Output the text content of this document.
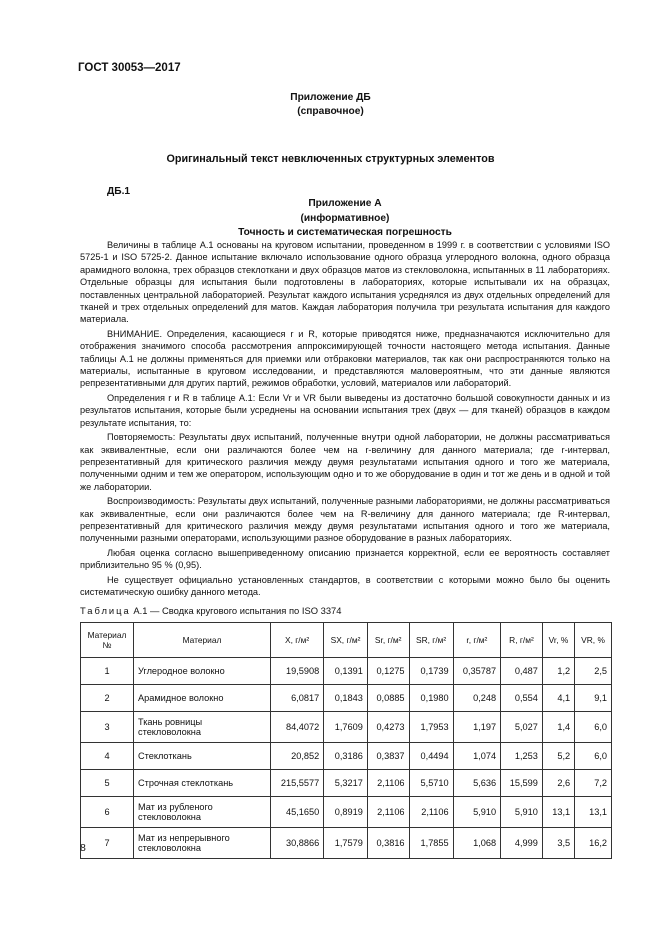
ГОСТ 30053—2017
Приложение ДБ
(справочное)
Оригинальный текст невключенных структурных элементов
ДБ.1
Приложение А
(информативное)
Точность и систематическая погрешность

Величины в таблице А.1 основаны на круговом испытании, проведенном в 1999 г. в соответствии с условиями ISO 5725-1 и ISO 5725-2. Данное испытание включало использование одного образца углеродного волокна, одного образца арамидного волокна, трех образцов стеклоткани и двух образцов матов из стекловолокна, испытанных в 11 лабораториях. Отдельные образцы для испытания были подготовлены в лабораториях, которые испытывали их на образцах, поставленных центральной лабораторией. Результат каждого испытания усреднялся из двух отдельных определений для тканей и трех отдельных определений для матов. Каждая лаборатория получила три результата испытания для каждого материала.

ВНИМАНИЕ. Определения, касающиеся r и R, которые приводятся ниже, предназначаются исключительно для отображения значимого способа рассмотрения аппроксимирующей точности настоящего метода испытания. Данные таблицы А.1 не должны применяться для приемки или отбраковки материалов, так как они распространяются только на материалы, испытанные в круговом исследовании, и представляются маловероятным, что эти данные являются репрезентативными для других партий, режимов обработки, условий, материалов или лабораторий.

Определения r и R в таблице А.1: Если Vr и VR были выведены из достаточно большой совокупности данных и из результатов испытания, которые были усреднены на основании испытания трех (двух — для тканей) образцов в каждом результате испытания, то:

Повторяемость: Результаты двух испытаний, полученные внутри одной лаборатории, не должны рассматриваться как эквивалентные, если они различаются более чем на r-величину для данного материала; где r-интервал, репрезентативный для критического различия между двумя результатами испытания одного и того же материала, полученными одним и тем же оператором, использующим одно и то же оборудование в один и тот же день и в одной и той же лаборатории.

Воспроизводимость: Результаты двух испытаний, полученные разными лабораториями, не должны рассматриваться как эквивалентные, если они различаются более чем на R-величину для данного материала; где R-интервал, репрезентативный для критического различия между двумя результатами испытания одного и того же материала, полученными разными операторами, использующими разное оборудование в разных лабораториях.

Любая оценка согласно вышеприведенному описанию признается корректной, если ее вероятность составляет приблизительно 95 % (0,95).

Не существует официально установленных стандартов, в соответствии с которыми можно было бы оценить систематическую ошибку данного метода.

Таблица А.1 — Сводка кругового испытания по ISO 3374
Материал №	Материал	X, г/м²	SX, г/м²	Sr, г/м²	SR, г/м²	r, г/м²	R, г/м²	Vr, %	VR, %
1	Углеродное волокно	19,5908	0,1391	0,1275	0,1739	0,35787	0,487	1,2	2,5
2	Арамидное волокно	6,0817	0,1843	0,0885	0,1980	0,248	0,554	4,1	9,1
3	Ткань ровницы стекловолокна	84,4072	1,7609	0,4273	1,7953	1,197	5,027	1,4	6,0
4	Стеклоткань	20,852	0,3186	0,3837	0,4494	1,074	1,253	5,2	6,0
5	Строчная стеклоткань	215,5577	5,3217	2,1106	5,5710	5,636	15,599	2,6	7,2
6	Мат из рубленого стекловолокна	45,1650	0,8919	2,1106	2,1106	5,910	5,910	13,1	13,1
7	Мат из непрерывного стекловолокна	30,8866	1,7579	0,3816	1,7855	1,068	4,999	3,5	16,2
8
